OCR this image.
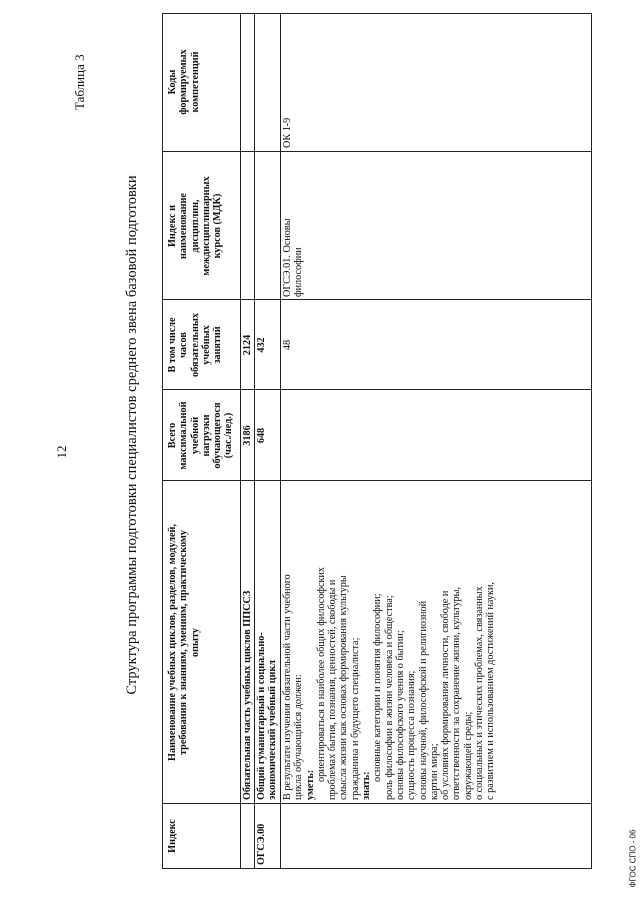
12
ФГОС СПО - 06
Таблица 3
Структура программы подготовки специалистов среднего звена базовой подготовки
Индекс
Наименование учебных циклов, разделов, модулей, требования к знаниям, умениям, практическому опыту
Всего максимальной учебной нагрузки обучающегося (час./нед.)
В том числе часов обязательных учебных занятий
Индекс и наименование дисциплин, междисциплинарных курсов (МДК)
Коды формируемых компетенций
Обязательная часть учебных циклов ППССЗ
3186
2124
ОГСЭ.00
Общий гуманитарный и социально- экономический учебный цикл
648
432
В результате изучения обязательной части учебного цикла обучающийся должен: уметь:
ориентироваться в наиболее общих философских проблемах бытия, познания, ценностей, свободы и смысла жизни как основах формирования культуры гражданина и будущего специалиста; знать:
основные категории и понятия философии; роль философии в жизни человека и общества; основы философского учения о бытии; сущность процесса познания; основы научной, философской и религиозной картин мира; об условиях формирования личности, свободе и ответственности за сохранение жизни, культуры, окружающей среды; о социальных и этических проблемах, связанных с развитием и использованием достижений науки,
48
ОГСЭ.01. Основы философии
ОК 1-9
